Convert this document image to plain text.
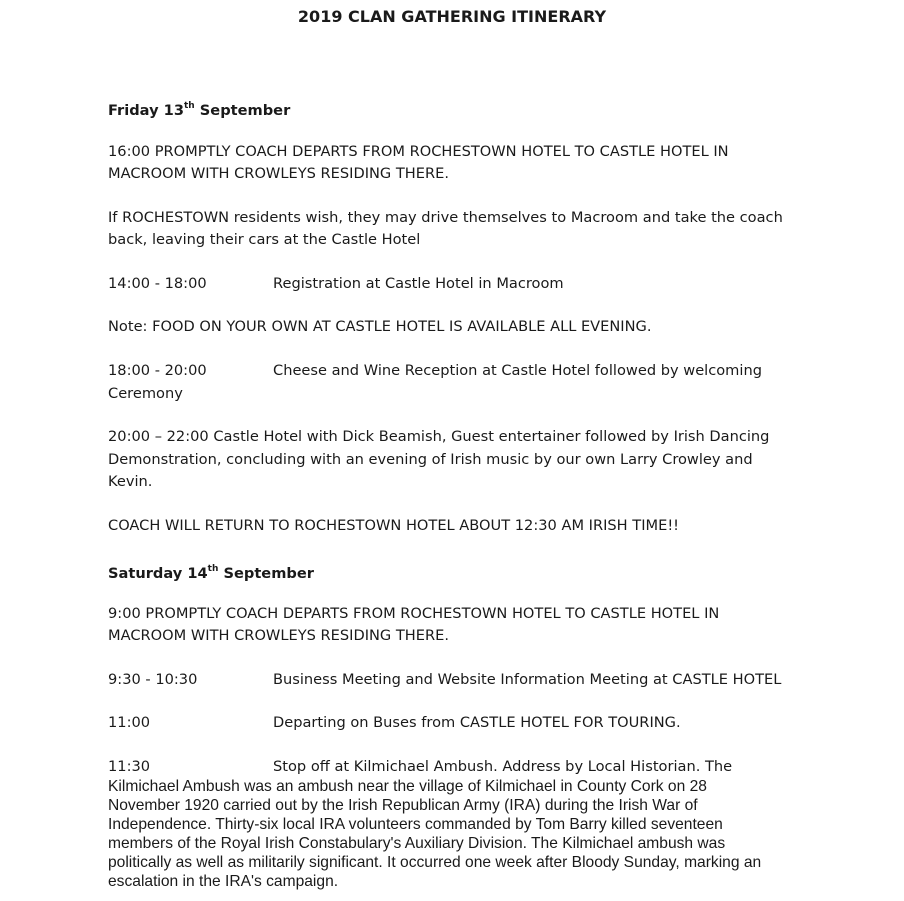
2019 CLAN GATHERING ITINERARY
Friday 13th September
16:00 PROMPTLY COACH DEPARTS FROM ROCHESTOWN HOTEL TO CASTLE HOTEL IN
MACROOM WITH CROWLEYS RESIDING THERE.
If ROCHESTOWN residents wish, they may drive themselves to Macroom and take the coach
back, leaving their cars at the Castle Hotel
14:00 - 18:00	Registration at Castle Hotel in Macroom
Note: FOOD ON YOUR OWN AT CASTLE HOTEL IS AVAILABLE ALL EVENING.
18:00 - 20:00	Cheese and Wine Reception at Castle Hotel followed by welcoming
Ceremony
20:00 – 22:00 Castle Hotel with Dick Beamish, Guest entertainer followed by Irish Dancing
Demonstration, concluding with an evening of Irish music by our own Larry Crowley and
Kevin.
COACH WILL RETURN TO ROCHESTOWN HOTEL ABOUT 12:30 AM IRISH TIME!!
Saturday 14th September
9:00 PROMPTLY COACH DEPARTS FROM ROCHESTOWN HOTEL TO CASTLE HOTEL IN
MACROOM WITH CROWLEYS RESIDING THERE.
9:30 - 10:30	Business Meeting and Website Information Meeting at CASTLE HOTEL
11:00	Departing on Buses from CASTLE HOTEL FOR TOURING.
11:30	Stop off at Kilmichael Ambush. Address by Local Historian. The
Kilmichael Ambush was an ambush near the village of Kilmichael in County Cork on 28
November 1920 carried out by the Irish Republican Army (IRA) during the Irish War of
Independence. Thirty-six local IRA volunteers commanded by Tom Barry killed seventeen
members of the Royal Irish Constabulary's Auxiliary Division. The Kilmichael ambush was
politically as well as militarily significant. It occurred one week after Bloody Sunday, marking an
escalation in the IRA's campaign.
